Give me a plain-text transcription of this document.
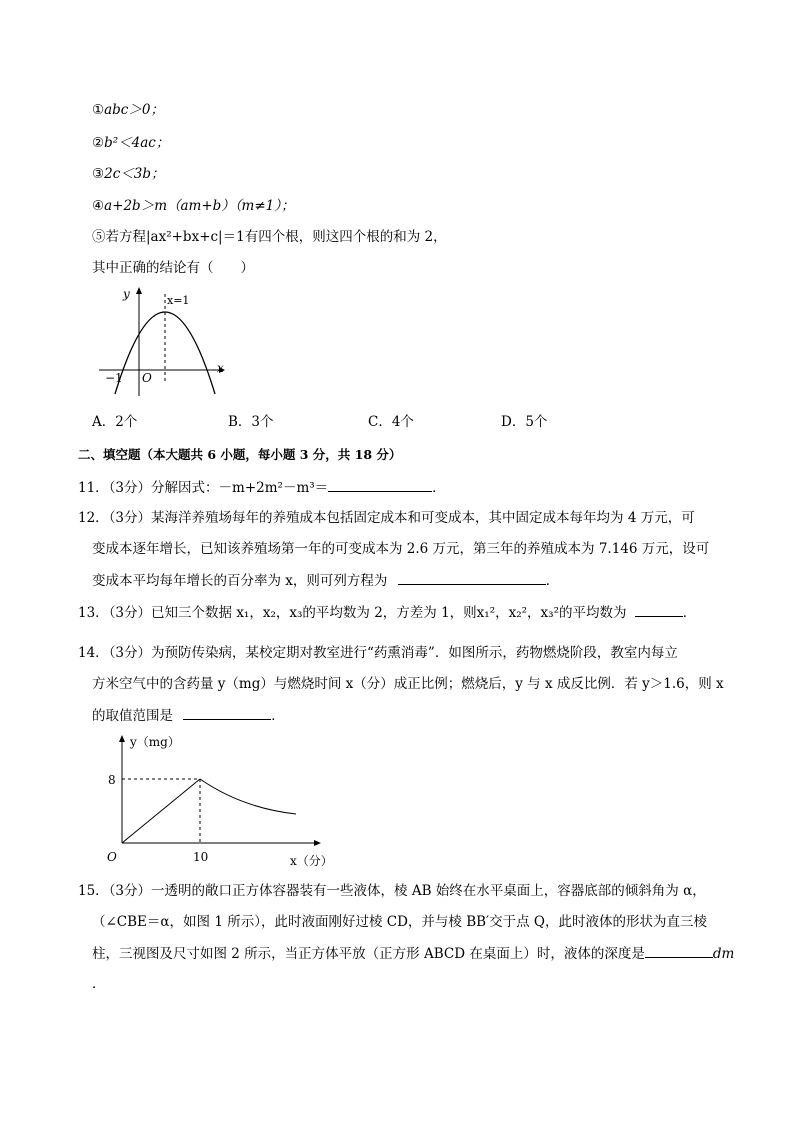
①abc＞0；
②b²＜4ac；
③2c＜3b；
④a+2b＞m（am+b）（m≠1）；
⑤若方程|ax²+bx+c|＝1有四个根，则这四个根的和为 2，
其中正确的结论有（　　）
y
x
x=1
−1 O
A．2个	B．3个	C．4个	D．5个
二、填空题（本大题共 6 小题，每小题 3 分，共 18 分）
11．（3分）分解因式：－m+2m²－m³＝	．
12．（3分）某海洋养殖场每年的养殖成本包括固定成本和可变成本，其中固定成本每年均为 4 万元，可
变成本逐年增长，已知该养殖场第一年的可变成本为 2.6 万元，第三年的养殖成本为 7.146 万元，设可
变成本平均每年增长的百分率为 x，则可列方程为	．
13．（3分）已知三个数据 x₁，x₂，x₃的平均数为 2，方差为 1，则x₁²，x₂²，x₃²的平均数为	．
14．（3分）为预防传染病，某校定期对教室进行“药熏消毒”．如图所示，药物燃烧阶段，教室内每立
方米空气中的含药量 y（mg）与燃烧时间 x（分）成正比例；燃烧后，y 与 x 成反比例．若 y＞1.6，则 x
的取值范围是	．
y（mg）
8
10
O	x（分）
15．（3分）一透明的敞口正方体容器装有一些液体，棱 AB 始终在水平桌面上，容器底部的倾斜角为 α，
（∠CBE＝α，如图 1 所示），此时液面刚好过棱 CD，并与棱 BB′交于点 Q，此时液体的形状为直三棱
柱，三视图及尺寸如图 2 所示，当正方体平放（正方形 ABCD 在桌面上）时，液体的深度是	dm
．
